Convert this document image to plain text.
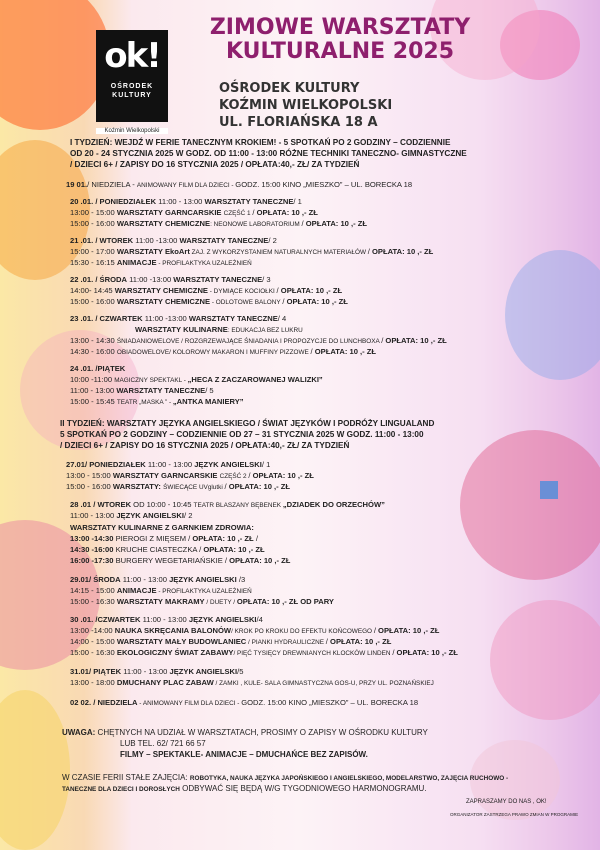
ok!
OŚRODEK
KULTURY
Koźmin Wielkopolski
ZIMOWE WARSZTATY
KULTURALNE 2025
OŚRODEK KULTURY
KOŹMIN WIELKOPOLSKI
UL. FLORIAŃSKA 18 A
I TYDZIEŃ: WEJDŹ W FERIE TANECZNYM KROKIEM! - 5 SPOTKAŃ PO 2 GODZINY – CODZIENNIE
OD 20 - 24 STYCZNIA 2025 W GODZ. OD 11:00 - 13:00 RÓŻNE TECHNIKI TANECZNO- GIMNASTYCZNE
/ DZIECI 6+ / ZAPISY DO 16 STYCZNIA 2025 / OPŁATA:40,- ZŁ/ ZA TYDZIEŃ
II TYDZIEŃ: WARSZTATY JĘZYKA ANGIELSKIEGO / ŚWIAT JĘZYKÓW I PODRÓŻY LINGUALAND
5 SPOTKAŃ PO 2 GODZINY – CODZIENNIE OD 27 – 31 STYCZNIA 2025 W GODZ. 11:00 - 13:00
/ DZIECI 6+ / ZAPISY DO 16 STYCZNIA 2025 / OPŁATA:40,- ZŁ/ ZA TYDZIEŃ
19 01./ NIEDZIELA - ANIMOWANY FILM DLA DZIECI - GODZ. 15:00 KINO „MIESZKO” – UL. BORECKA 18
20 .01. / PONIEDZIAŁEK 11:00 - 13:00 WARSZTATY TANECZNE/ 1
13:00 - 15:00 WARSZTATY GARNCARSKIE CZĘŚĆ 1 / OPŁATA: 10 ,- ZŁ
15:00 - 16:00 WARSZTATY CHEMICZNE: NEONOWE LABORATORIUM / OPŁATA: 10 ,- ZŁ
21 .01. / WTOREK 11:00 -13:00 WARSZTATY TANECZNE/ 2
15:00 - 17:00 WARSZTATY EkoArt ZAJ. Z WYKORZYSTANIEM NATURALNYCH MATERIAŁÓW / OPŁATA: 10 ,- ZŁ
15:30 - 16:15 ANIMACJE - PROFILAKTYKA UZALEŻNIEŃ
22 .01. / ŚRODA 11:00 -13:00 WARSZTATY TANECZNE/ 3
14:00- 14:45 WARSZTATY CHEMICZNE - DYMIĄCE KOCIOŁKI / OPŁATA: 10 ,- ZŁ
15:00 - 16:00 WARSZTATY CHEMICZNE - ODLOTOWE BALONY / OPŁATA: 10 ,- ZŁ
23 .01. / CZWARTEK 11:00 -13:00 WARSZTATY TANECZNE/ 4
WARSZTATY KULINARNE: EDUKACJA BEZ LUKRU
13:00 - 14:30 ŚNIADANIOWELOVE / ROZGRZEWAJĄCE ŚNIADANIA I PROPOZYCJE DO LUNCHBOXA / OPŁATA: 10 ,- ZŁ
14:30 - 16:00 OBIADOWELOVE/ KOLOROWY MAKARON I MUFFINY PIZZOWE / OPŁATA: 10 ,- ZŁ
24 .01. /PIĄTEK
10:00 -11:00 MAGICZNY SPEKTAKL - „HECA Z ZACZAROWANEJ WALIZKI”
11:00 - 13:00 WARSZTATY TANECZNE/ 5
15:00 - 15:45 TEATR „MASKA ” - „ANTKA MANIERY”
27.01/ PONIEDZIAŁEK 11:00 - 13:00 JĘZYK ANGIELSKI/ 1
13:00 - 15:00 WARSZTATY GARNCARSKIE CZĘŚĆ 2 / OPŁATA: 10 ,- ZŁ
15:00 - 16:00 WARSZTATY: ŚWIECĄCE UVglutki / OPŁATA: 10 ,- ZŁ
28 .01 / WTOREK OD 10:00 - 10:45 TEATR BLASZANY BĘBENEK „DZIADEK DO ORZECHÓW”
11:00 - 13:00 JĘZYK ANGIELSKI/ 2
WARSZTATY KULINARNE Z GARNKIEM ZDROWIA:
13:00 -14:30 PIEROGI Z MIĘSEM / OPŁATA: 10 ,- ZŁ /
14:30 -16:00 KRUCHE CIASTECZKA / OPŁATA: 10 ,- ZŁ
16:00 -17:30 BURGERY WEGETARIAŃSKIE / OPŁATA: 10 ,- ZŁ
29.01/ ŚRODA 11:00 - 13:00 JĘZYK ANGIELSKI /3
14:15 - 15:00 ANIMACJE - PROFILAKTYKA UZALEŻNIEŃ
15:00 - 16:30 WARSZTATY MAKRAMY / DUETY / OPŁATA: 10 ,- ZŁ OD PARY
30 .01. /CZWARTEK 11:00 - 13:00 JĘZYK ANGIELSKI/4
13:00 -14:00 NAUKA SKRĘCANIA BALONÓW/ KROK PO KROKU DO EFEKTU KOŃCOWEGO / OPŁATA: 10 ,- ZŁ
14:00 - 15:00 WARSZTATY MAŁY BUDOWLANIEC / PIANKI HYDRAULICZNE / OPŁATA: 10 ,- ZŁ
15:00 - 16:30 EKOLOGICZNY ŚWIAT ZABAWY/ PIĘĆ TYSIĘCY DREWNIANYCH KLOCKÓW LINDEN / OPŁATA: 10 ,- ZŁ
31.01/ PIĄTEK 11:00 - 13:00 JĘZYK ANGIELSKI/5
13:00 - 18:00 DMUCHANY PLAC ZABAW / ZAMKI , KULE- SALA GIMNASTYCZNA GOS-U, PRZY UL. POZNAŃSKIEJ
02 02. / NIEDZIELA - ANIMOWANY FILM DLA DZIECI - GODZ. 15:00 KINO „MIESZKO” – UL. BORECKA 18
UWAGA: CHĘTNYCH NA UDZIAŁ W WARSZTATACH, PROSIMY O ZAPISY W OŚRODKU KULTURY
LUB TEL. 62/ 721 66 57
FILMY – SPEKTAKLE- ANIMACJE – DMUCHAŃCE BEZ ZAPISÓW.
W CZASIE FERII STAŁE ZAJĘCIA: ROBOTYKA, NAUKA JĘZYKA JAPOŃSKIEGO I ANGIELSKIEGO, MODELARSTWO, ZAJĘCIA RUCHOWO -
TANECZNE DLA DZIECI I DOROSŁYCH ODBYWAĆ SIĘ BĘDĄ W/G TYGODNIOWEGO HARMONOGRAMU.
ZAPRASZAMY DO NAS , OK!
ORGANIZATOR ZASTRZEGA PRAWO ZMIAN W PROGRAMIE
